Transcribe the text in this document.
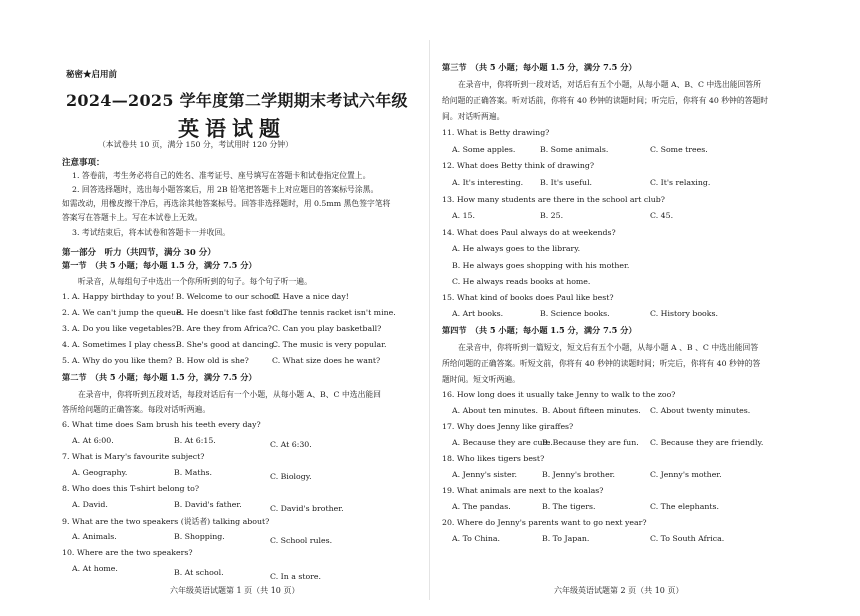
秘密★启用前
2024—2025 学年度第二学期期末考试六年级
英语试题
（本试卷共 10 页，满分 150 分，考试用时 120 分钟）
注意事项：
1. 答卷前，考生务必将自己的姓名、准考证号、座号填写在答题卡和试卷指定位置上。
2. 回答选择题时，选出每小题答案后，用 2B 铅笔把答题卡上对应题目的答案标号涂黑。
如需改动，用橡皮擦干净后，再选涂其他答案标号。回答非选择题时，用 0.5mm 黑色签字笔将
答案写在答题卡上。写在本试卷上无效。
3. 考试结束后，将本试卷和答题卡一并收回。
第一部分　听力（共四节，满分 30 分）
第一节　（共 5 小题；每小题 1.5 分，满分 7.5 分）
听录音，从每组句子中选出一个你所听到的句子。每个句子听一遍。
1. A. Happy birthday to you! B. Welcome to our school!
C. Have a nice day!
2. A. We can't jump the queue.
B. He doesn't like fast food.
C. The tennis racket isn't mine.
3. A. Do you like vegetables? B. Are they from Africa? C. Can you play basketball?
4. A. Sometimes I play chess.
B. She's good at dancing.
C. The music is very popular.
5. A. Why do you like them? B. How old is she?	C. What size does he want?
第二节　（共 5 小题；每小题 1.5 分，满分 7.5 分）
在录音中，你将听到五段对话，每段对话后有一个小题，从每小题 A、B、C 中选出能回
答所给问题的正确答案。每段对话听两遍。
6. What time does Sam brush his teeth every day?
A. At 6:00.	B. At 6:15.	C. At 6:30.
7. What is Mary's favourite subject?
A. Geography.	B. Maths.	C. Biology.
8. Who does this T-shirt belong to?
A. David.	B. David's father.	C. David's brother.
9. What are the two speakers (说话者) talking about?
A. Animals.	B. Shopping.	C. School rules.
10. Where are the two speakers?
A. At home.	B. At school.	C. In a store.
六年级英语试题第 1 页（共 10 页）
第三节　（共 5 小题；每小题 1.5 分，满分 7.5 分）
在录音中，你将听到一段对话，对话后有五个小题，从每小题 A、B、C 中选出能回答所
给问题的正确答案。听对话前，你将有 40 秒钟的读题时间；听完后，你将有 40 秒钟的答题时
间。对话听两遍。
11. What is Betty drawing?
A. Some apples.	B. Some animals.	C. Some trees.
12. What does Betty think of drawing?
A. It's interesting. B. It's useful.	C. It's relaxing.
13. How many students are there in the school art club?
A. 15.	B. 25.	C. 45.
14. What does Paul always do at weekends?
A. He always goes to the library.
B. He always goes shopping with his mother.
C. He always reads books at home.
15. What kind of books does Paul like best?
A. Art books.	B. Science books.	C. History books.
第四节　（共 5 小题；每小题 1.5 分，满分 7.5 分）
在录音中，你将听到一篇短文，短文后有五个小题，从每小题 A 、B 、C 中选出能回答
所给问题的正确答案。听短文前，你将有 40 秒钟的读题时间；听完后，你将有 40 秒钟的答
题时间。短文听两遍。
16. How long does it usually take Jenny to walk to the zoo?
A. About ten minutes. B. About fifteen minutes. C. About twenty minutes.
17. Why does Jenny like giraffes?
A. Because they are cute.
B. Because they are fun. C. Because they are friendly.
18. Who likes tigers best?
A. Jenny's sister.	B. Jenny's brother.	C. Jenny's mother.
19. What animals are next to the koalas?
A. The pandas.	B. The tigers.	C. The elephants.
20. Where do Jenny's parents want to go next year?
A. To China.	B. To Japan.	C. To South Africa.
六年级英语试题第 2 页（共 10 页）
